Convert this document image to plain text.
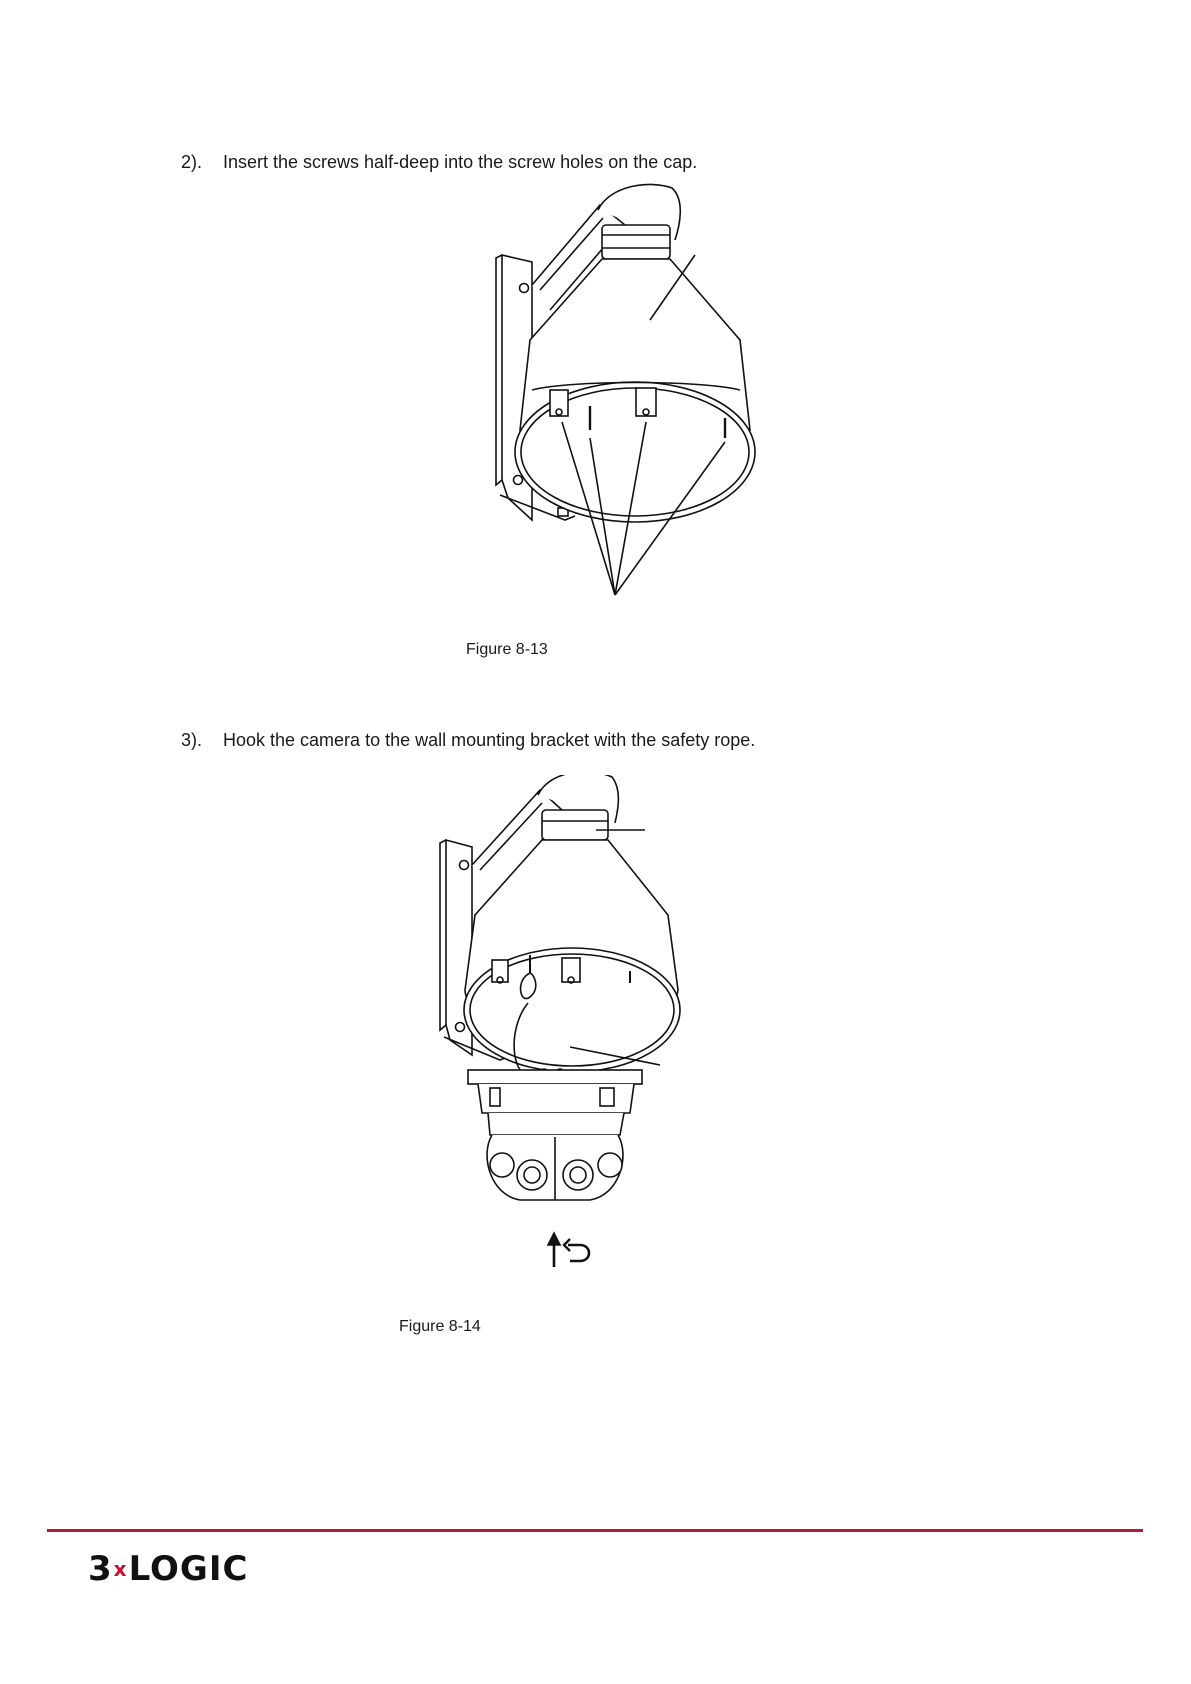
2). Insert the screws half-deep into the screw holes on the cap.
Figure 8-13
3). Hook the camera to the wall mounting bracket with the safety rope.
Figure 8-14
3xLOGIC
